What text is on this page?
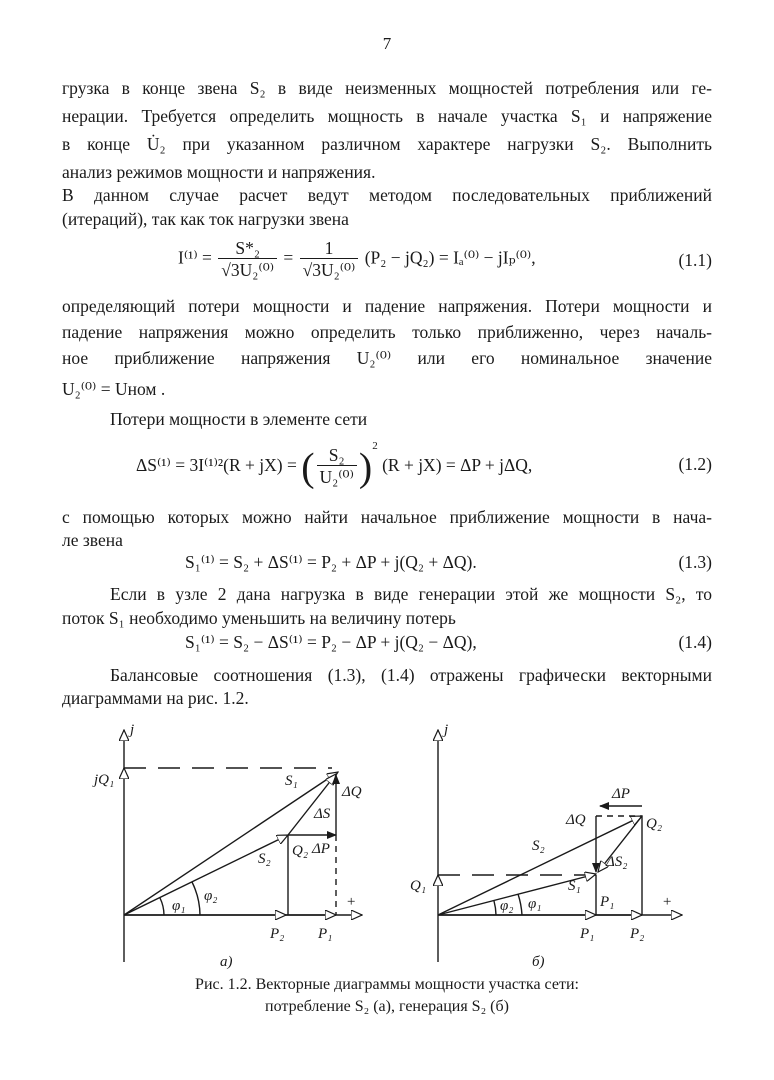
7
грузка в конце звена S₂ в виде неизменных мощностей потребления или ге-
нерации. Требуется определить мощность в начале участка S₁ и напряжение
в конце U̇₂ при указанном различном характере нагрузки S₂. Выполнить
анализ режимов мощности и напряжения.
В данном случае расчет ведут методом последовательных приближений
(итераций), так как ток нагрузки звена
$I^{(1)} = \frac{\text{S*₂}}{\text{√3U₂⁽⁰⁾}} = \frac{1}{\text{√3U₂⁽⁰⁾}} (P_2 - jQ_2) = I_a^{(0)} - jI_p^{(0)}$,	(1.1)
определяющий потери мощности и падение напряжения. Потери мощности и
падение напряжения можно определить только приближенно, через началь-
ное приближение напряжения U₂⁽⁰⁾ или его номинальное значение
U₂⁽⁰⁾ = Uном .
Потери мощности в элементе сети
ΔS⁽¹⁾ = 3I⁽¹⁾²(R + jX) = ( $\frac{\text{S₂}}{\text{U₂⁽⁰⁾}} )^2$ (R + jX) = ΔP + jΔQ,	(1.2)
с помощью которых можно найти начальное приближение мощности в нача-
ле звена
S₁⁽¹⁾ = S₂ + ΔS⁽¹⁾ = P₂ + ΔP + j(Q₂ + ΔQ).	(1.3)
Если в узле 2 дана нагрузка в виде генерации этой же мощности S₂, то
поток S₁ необходимо уменьшить на величину потерь
S₁⁽¹⁾ = S₂ − ΔS⁽¹⁾ = P₂ − ΔP + j(Q₂ − ΔQ),	(1.4)
Балансовые соотношения (1.3), (1.4) отражены графически векторными
диаграммами на рис. 1.2.
j
+
jQ₁	S₁
ΔS
ΔQ
Q₂ ΔP
S₂
φ₁
φ₂
P₂ P₁
а)
j
+
ΔP
ΔQ	Q₂
S₂
ΔS₂
Q₁	S₁
φ₂ φ₁	P₁
P₁ P₂
б)
Рис. 1.2. Векторные диаграммы мощности участка сети:
потребление S₂ (а), генерация S₂ (б)
